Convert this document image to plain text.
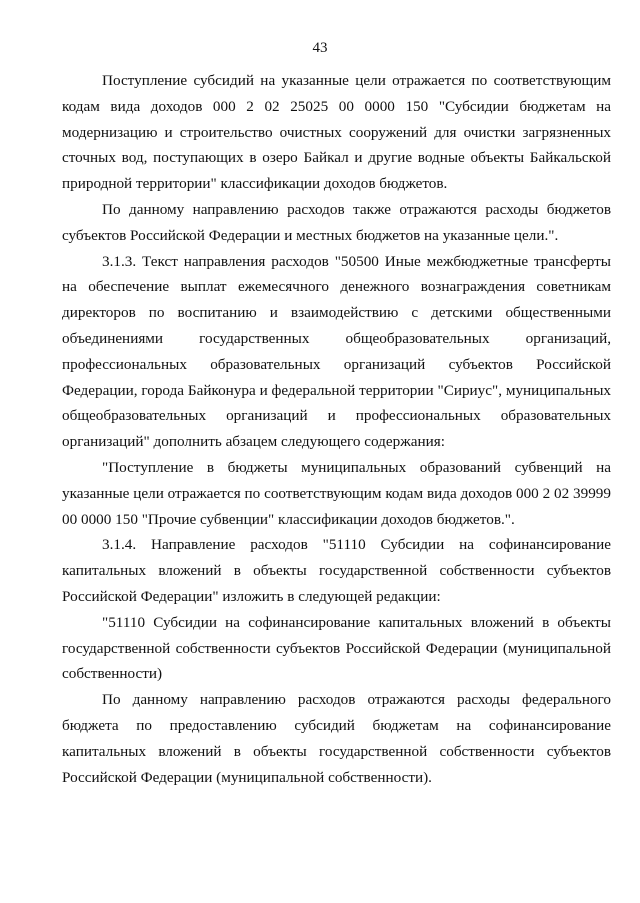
43

Поступление субсидий на указанные цели отражается по соответствующим кодам вида доходов 000 2 02 25025 00 0000 150 "Субсидии бюджетам на модернизацию и строительство очистных сооружений для очистки загрязненных сточных вод, поступающих в озеро Байкал и другие водные объекты Байкальской природной территории" классификации доходов бюджетов.

По данному направлению расходов также отражаются расходы бюджетов субъектов Российской Федерации и местных бюджетов на указанные цели.".

3.1.3. Текст направления расходов "50500 Иные межбюджетные трансферты на обеспечение выплат ежемесячного денежного вознаграждения советникам директоров по воспитанию и взаимодействию с детскими общественными объединениями государственных общеобразовательных организаций, профессиональных образовательных организаций субъектов Российской Федерации, города Байконура и федеральной территории "Сириус", муниципальных общеобразовательных организаций и профессиональных образовательных организаций" дополнить абзацем следующего содержания:

"Поступление в бюджеты муниципальных образований субвенций на указанные цели отражается по соответствующим кодам вида доходов 000 2 02 39999 00 0000 150 "Прочие субвенции" классификации доходов бюджетов.".

3.1.4. Направление расходов "51110 Субсидии на софинансирование капитальных вложений в объекты государственной собственности субъектов Российской Федерации" изложить в следующей редакции:

"51110 Субсидии на софинансирование капитальных вложений в объекты государственной собственности субъектов Российской Федерации (муниципальной собственности)

По данному направлению расходов отражаются расходы федерального бюджета по предоставлению субсидий бюджетам на софинансирование капитальных вложений в объекты государственной собственности субъектов Российской Федерации (муниципальной собственности).
